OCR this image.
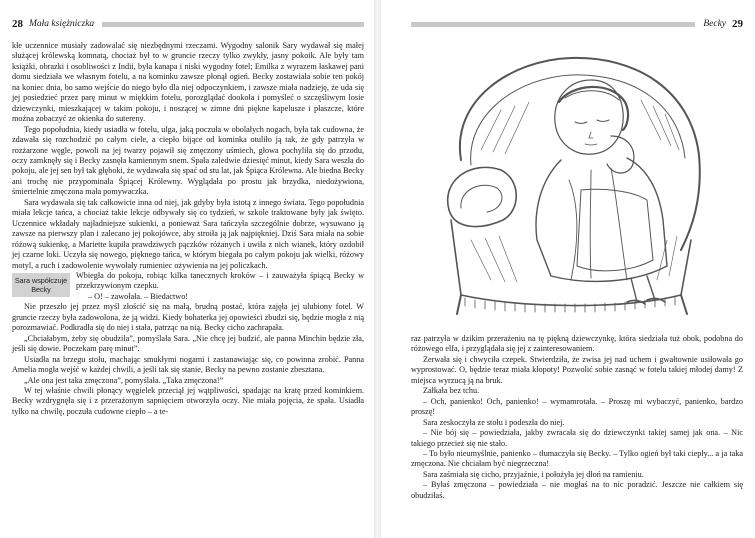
28 Mała księżniczka

kłe uczennice musiały zadowalać się niezbędnymi rzeczami. Wygodny salonik Sary wydawał się małej służącej królewską komnatą, chociaż był to w gruncie rzeczy tylko zwykły, jasny pokoik. Ale były tam książki, obrazki i osobliwości z Indii, była kanapa i niski wygodny fotel; Emilka z wyrazem łaskawej pani domu siedziała we własnym fotelu, a na kominku zawsze płonął ogień. Becky zostawiała sobie ten pokój na koniec dnia, bo samo wejście do niego było dla niej odpoczynkiem, i zawsze miała nadzieję, że uda się jej posiedzieć przez parę minut w miękkim fotelu, porozglądać dookoła i pomyśleć o szczęśliwym losie dziewczynki, mieszkającej w takim pokoju, i noszącej w zimne dni piękne kapelusze i płaszcze, które można zobaczyć ze okienka do sutereny.

Tego popołudnia, kiedy usiadła w fotelu, ulga, jaką poczuła w obolałych nogach, była tak cudowna, że zdawała się rozchodzić po całym ciele, a ciepło bijące od kominka otuliło ją tak, że gdy patrzyła w rozżarzone węgle, powoli na jej twarzy pojawił się zmęczony uśmiech, głowa pochyliła się do przodu, oczy zamknęły się i Becky zasnęła kamiennym snem. Spała zaledwie dziesięć minut, kiedy Sara weszła do pokoju, ale jej sen był tak głęboki, że wydawała się spać od stu lat, jak Śpiąca Królewna. Ale biedna Becky ani trochę nie przypominała Śpiącej Królewny. Wyglądała po prostu jak brzydka, niedożywiona, śmiertelnie zmęczona mała pomywaczka.

Sara wydawała się tak całkowicie inna od niej, jak gdyby była istotą z innego świata. Tego popołudnia miała lekcje tańca, a chociaż takie lekcje odbywały się co tydzień, w szkole traktowane były jak święto. Uczennice wkładały najładniejsze sukienki, a ponieważ Sara tańczyła szczególnie dobrze, wysuwano ją zawsze na pierwszy plan i zalecano jej pokojówce, aby stroiła ją jak najpiękniej. Dziś Sara miała na sobie różową sukienkę, a Mariette kupiła prawdziwych pączków różanych i uwiła z nich wianek, który ozdobił jej czarne loki. Uczyła się nowego, pięknego tańca, w którym biegała po całym pokoju jak wielki, różowy motyl, a ruch i zadowolenie wywołały rumieniec ożywienia na jej policzkach.

Sara współczuje Becky
Wbiegła do pokoju, robiąc kilka tanecznych kroków – i zauważyła śpiącą Becky w przekrzywionym czepku.

– O! – zawołała. – Biedactwo!

Nie przeszło jej przez myśl złościć się na małą, brudną postać, która zajęła jej ulubiony fotel. W gruncie rzeczy była zadowolona, że ją widzi. Kiedy bohaterka jej opowieści zbudzi się, będzie mogła z nią porozmawiać. Podkradła się do niej i stała, patrząc na nią. Becky cicho zachrapała.

„Chciałabym, żeby się obudziła”, pomyślała Sara. „Nie chcę jej budzić, ale panna Minchin będzie zła, jeśli się dowie. Poczekam parę minut”.

Usiadła na brzegu stołu, machając smukłymi nogami i zastanawiając się, co powinna zrobić. Panna Amelia mogła wejść w każdej chwili, a jeśli tak się stanie, Becky na pewno zostanie zbesztana.

„Ale ona jest taka zmęczona”, pomyślała. „Taka zmęczona!”

W tej właśnie chwili płonący węgielek przeciął jej wątpliwości, spadając na kratę przed kominkiem. Becky wzdrygnęła się i z przerażonym sapnięciem otworzyła oczy. Nie miała pojęcia, że spała. Usiadła tylko na chwilę, poczuła cudowne ciepło – a te-

Becky 29

raz patrzyła w dzikim przerażeniu na tę piękną dziewczynkę, która siedziała tuż obok, podobna do różowego elfa, i przyglądała się jej z zainteresowaniem.

Zerwała się i chwyciła czepek. Stwierdziła, że zwisa jej nad uchem i gwałtownie usiłowała go wyprostować. O, będzie teraz miała kłopoty! Pozwolić sobie zasnąć w fotelu takiej młodej damy! Z miejsca wyrzucą ją na bruk.

Załkała bez tchu.

– Och, panienko! Och, panienko! – wymamrotała. – Proszę mi wybaczyć, panienko, bardzo proszę!

Sara zeskoczyła ze stołu i podeszła do niej.

– Nie bój się – powiedziała, jakby zwracała się do dziewczynki takiej samej jak ona. – Nic takiego przecież się nie stało.

– To było nieumyślnie, panienko – tłumaczyła się Becky. – Tylko ogień był taki ciepły... a ja taka zmęczona. Nie chciałam być niegrzeczna!

Sara zaśmiała się cicho, przyjaźnie, i położyła jej dłoń na ramieniu.

– Byłaś zmęczona – powiedziała – nie mogłaś na to nic poradzić. Jeszcze nie całkiem się obudziłaś.
